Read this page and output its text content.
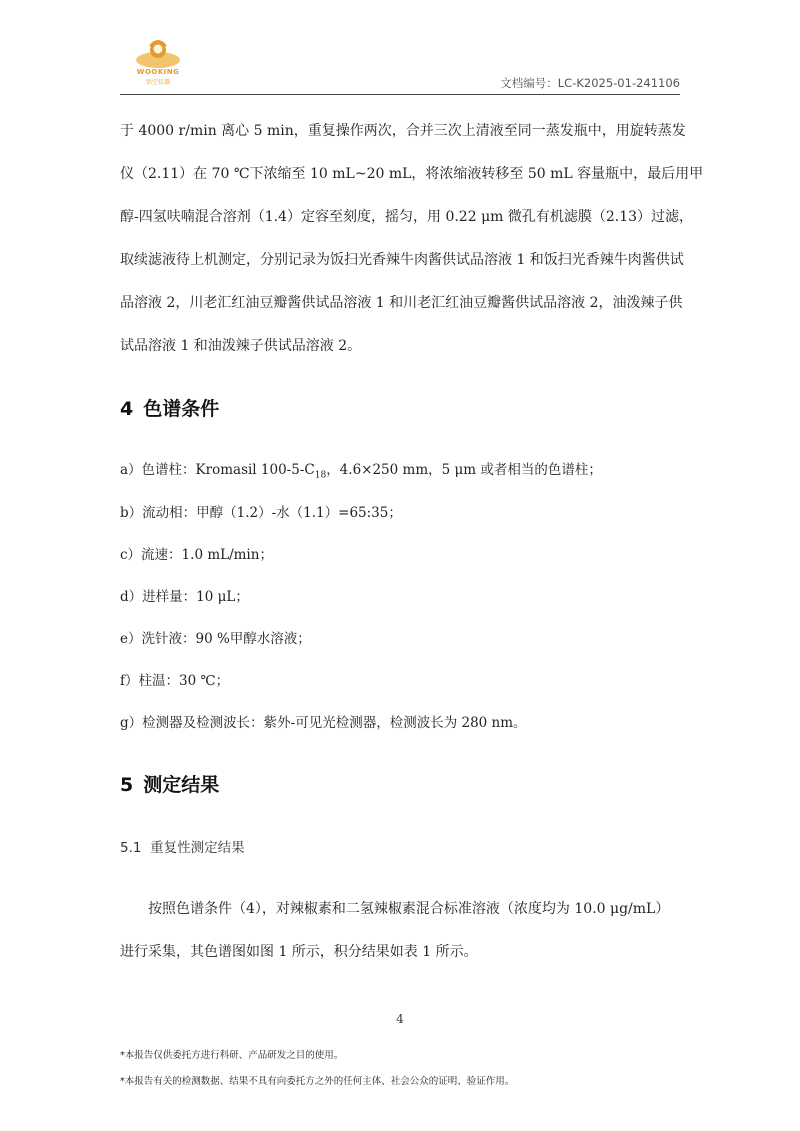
WOOKING
悟空仪器	文档编号：LC-K2025-01-241106
于 4000 r/min 离心 5 min，重复操作两次，合并三次上清液至同一蒸发瓶中，用旋转蒸发
仪（2.11）在 70 ℃下浓缩至 10 mL~20 mL，将浓缩液转移至 50 mL 容量瓶中，最后用甲
醇-四氢呋喃混合溶剂（1.4）定容至刻度，摇匀，用 0.22 μm 微孔有机滤膜（2.13）过滤，
取续滤液待上机测定，分别记录为饭扫光香辣牛肉酱供试品溶液 1 和饭扫光香辣牛肉酱供试
品溶液 2，川老汇红油豆瓣酱供试品溶液 1 和川老汇红油豆瓣酱供试品溶液 2，油泼辣子供
试品溶液 1 和油泼辣子供试品溶液 2。
4 色谱条件
a）色谱柱：Kromasil $100-5-C_{18}$，4.6×250 mm，5 μm 或者相当的色谱柱；
b）流动相：甲醇（1.2）-水（1.1）=65:35；
c）流速：1.0 mL/min；
d）进样量：10 μL；
e）洗针液：90 %甲醇水溶液；
f）柱温：30 ℃；
g）检测器及检测波长：紫外-可见光检测器，检测波长为 280 nm。
5 测定结果
5.1 重复性测定结果
按照色谱条件（4），对辣椒素和二氢辣椒素混合标准溶液（浓度均为 10.0 μg/mL）
进行采集，其色谱图如图 1 所示，积分结果如表 1 所示。
4
*本报告仅供委托方进行科研、产品研发之目的使用。
*本报告有关的检测数据、结果不具有向委托方之外的任何主体、社会公众的证明、验证作用。
